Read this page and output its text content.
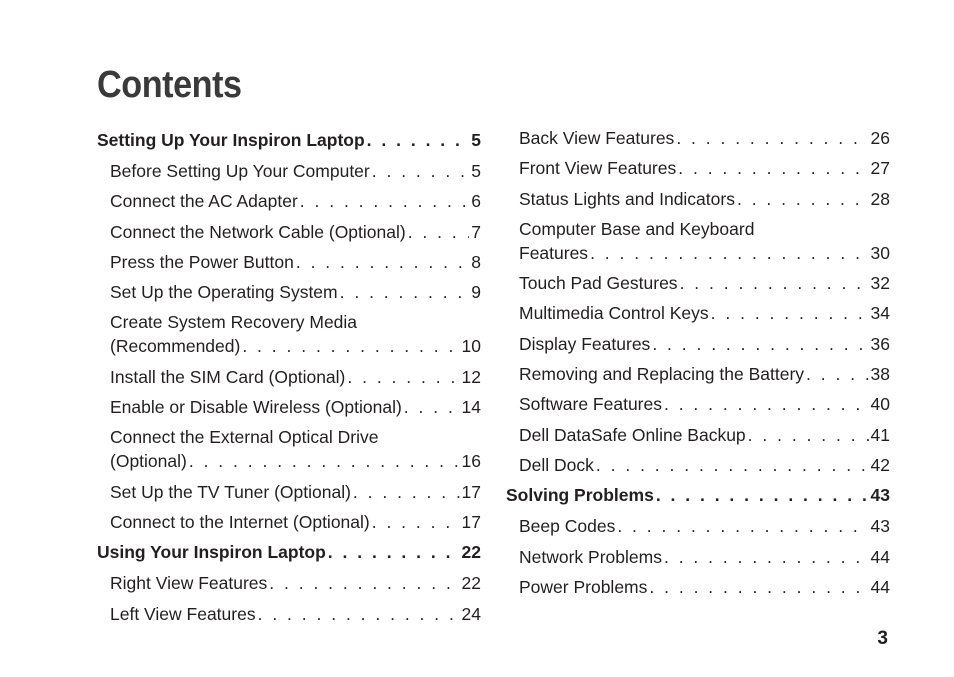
Contents
Setting Up Your Inspiron Laptop . . .	5
Before Setting Up Your Computer . . .	5
Connect the AC Adapter . . .	6
Connect the Network Cable (Optional) . . .	7
Press the Power Button . . .	8
Set Up the Operating System . . .	9
Create System Recovery Media
(Recommended) . . .	10
Install the SIM Card (Optional) . . .	12
Enable or Disable Wireless (Optional) . . .	14
Connect the External Optical Drive
(Optional) . . .	16
Set Up the TV Tuner (Optional) . . .	17
Connect to the Internet (Optional) . . .	17
Using Your Inspiron Laptop . . .	22
Right View Features . . .	22
Left View Features . . .	24
Back View Features . . .	26
Front View Features . . .	27
Status Lights and Indicators . . .	28
Computer Base and Keyboard
Features . . .	30
Touch Pad Gestures . . .	32
Multimedia Control Keys . . .	34
Display Features . . .	36
Removing and Replacing the Battery . . .	38
Software Features . . .	40
Dell DataSafe Online Backup . . .	41
Dell Dock . . .	42
Solving Problems . . .	43
Beep Codes . . .	43
Network Problems . . .	44
Power Problems . . .	44
3
